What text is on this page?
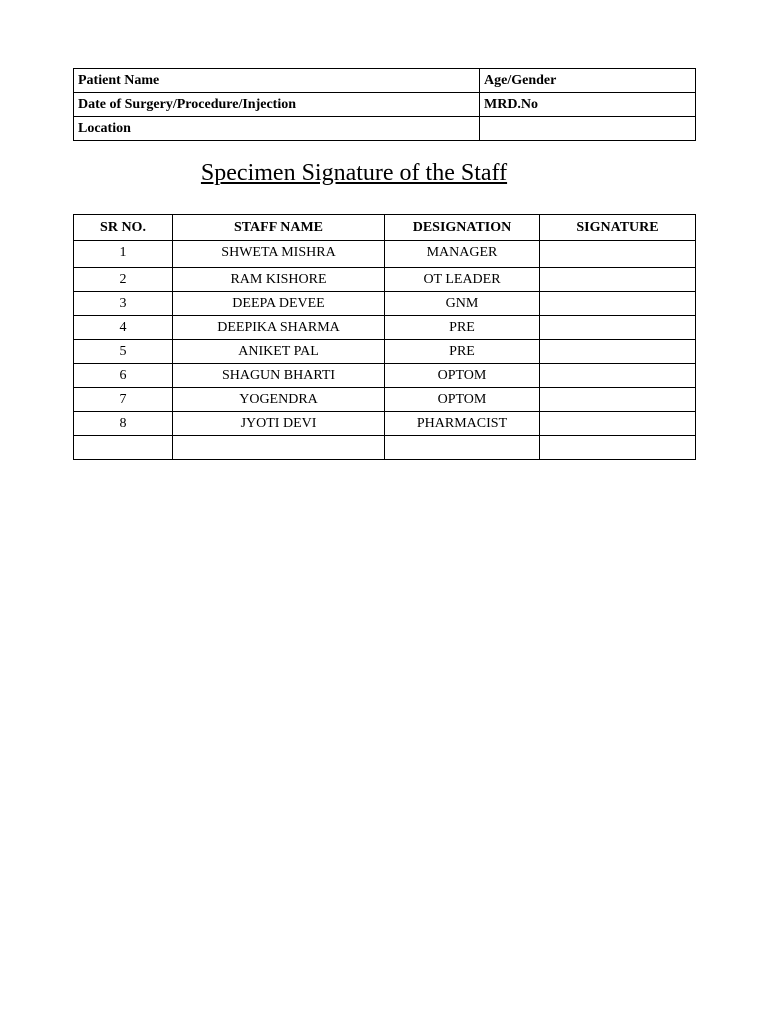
Patient Name	Age/Gender
Date of Surgery/Procedure/Injection	MRD.No
Location	
Specimen Signature of the Staff
SR NO.	STAFF NAME	DESIGNATION	SIGNATURE
1	SHWETA MISHRA	MANAGER	
2	RAM KISHORE	OT LEADER	
3	DEEPA DEVEE	GNM	
4	DEEPIKA SHARMA	PRE	
5	ANIKET PAL	PRE	
6	SHAGUN BHARTI	OPTOM	
7	YOGENDRA	OPTOM	
8	JYOTI DEVI	PHARMACIST	
